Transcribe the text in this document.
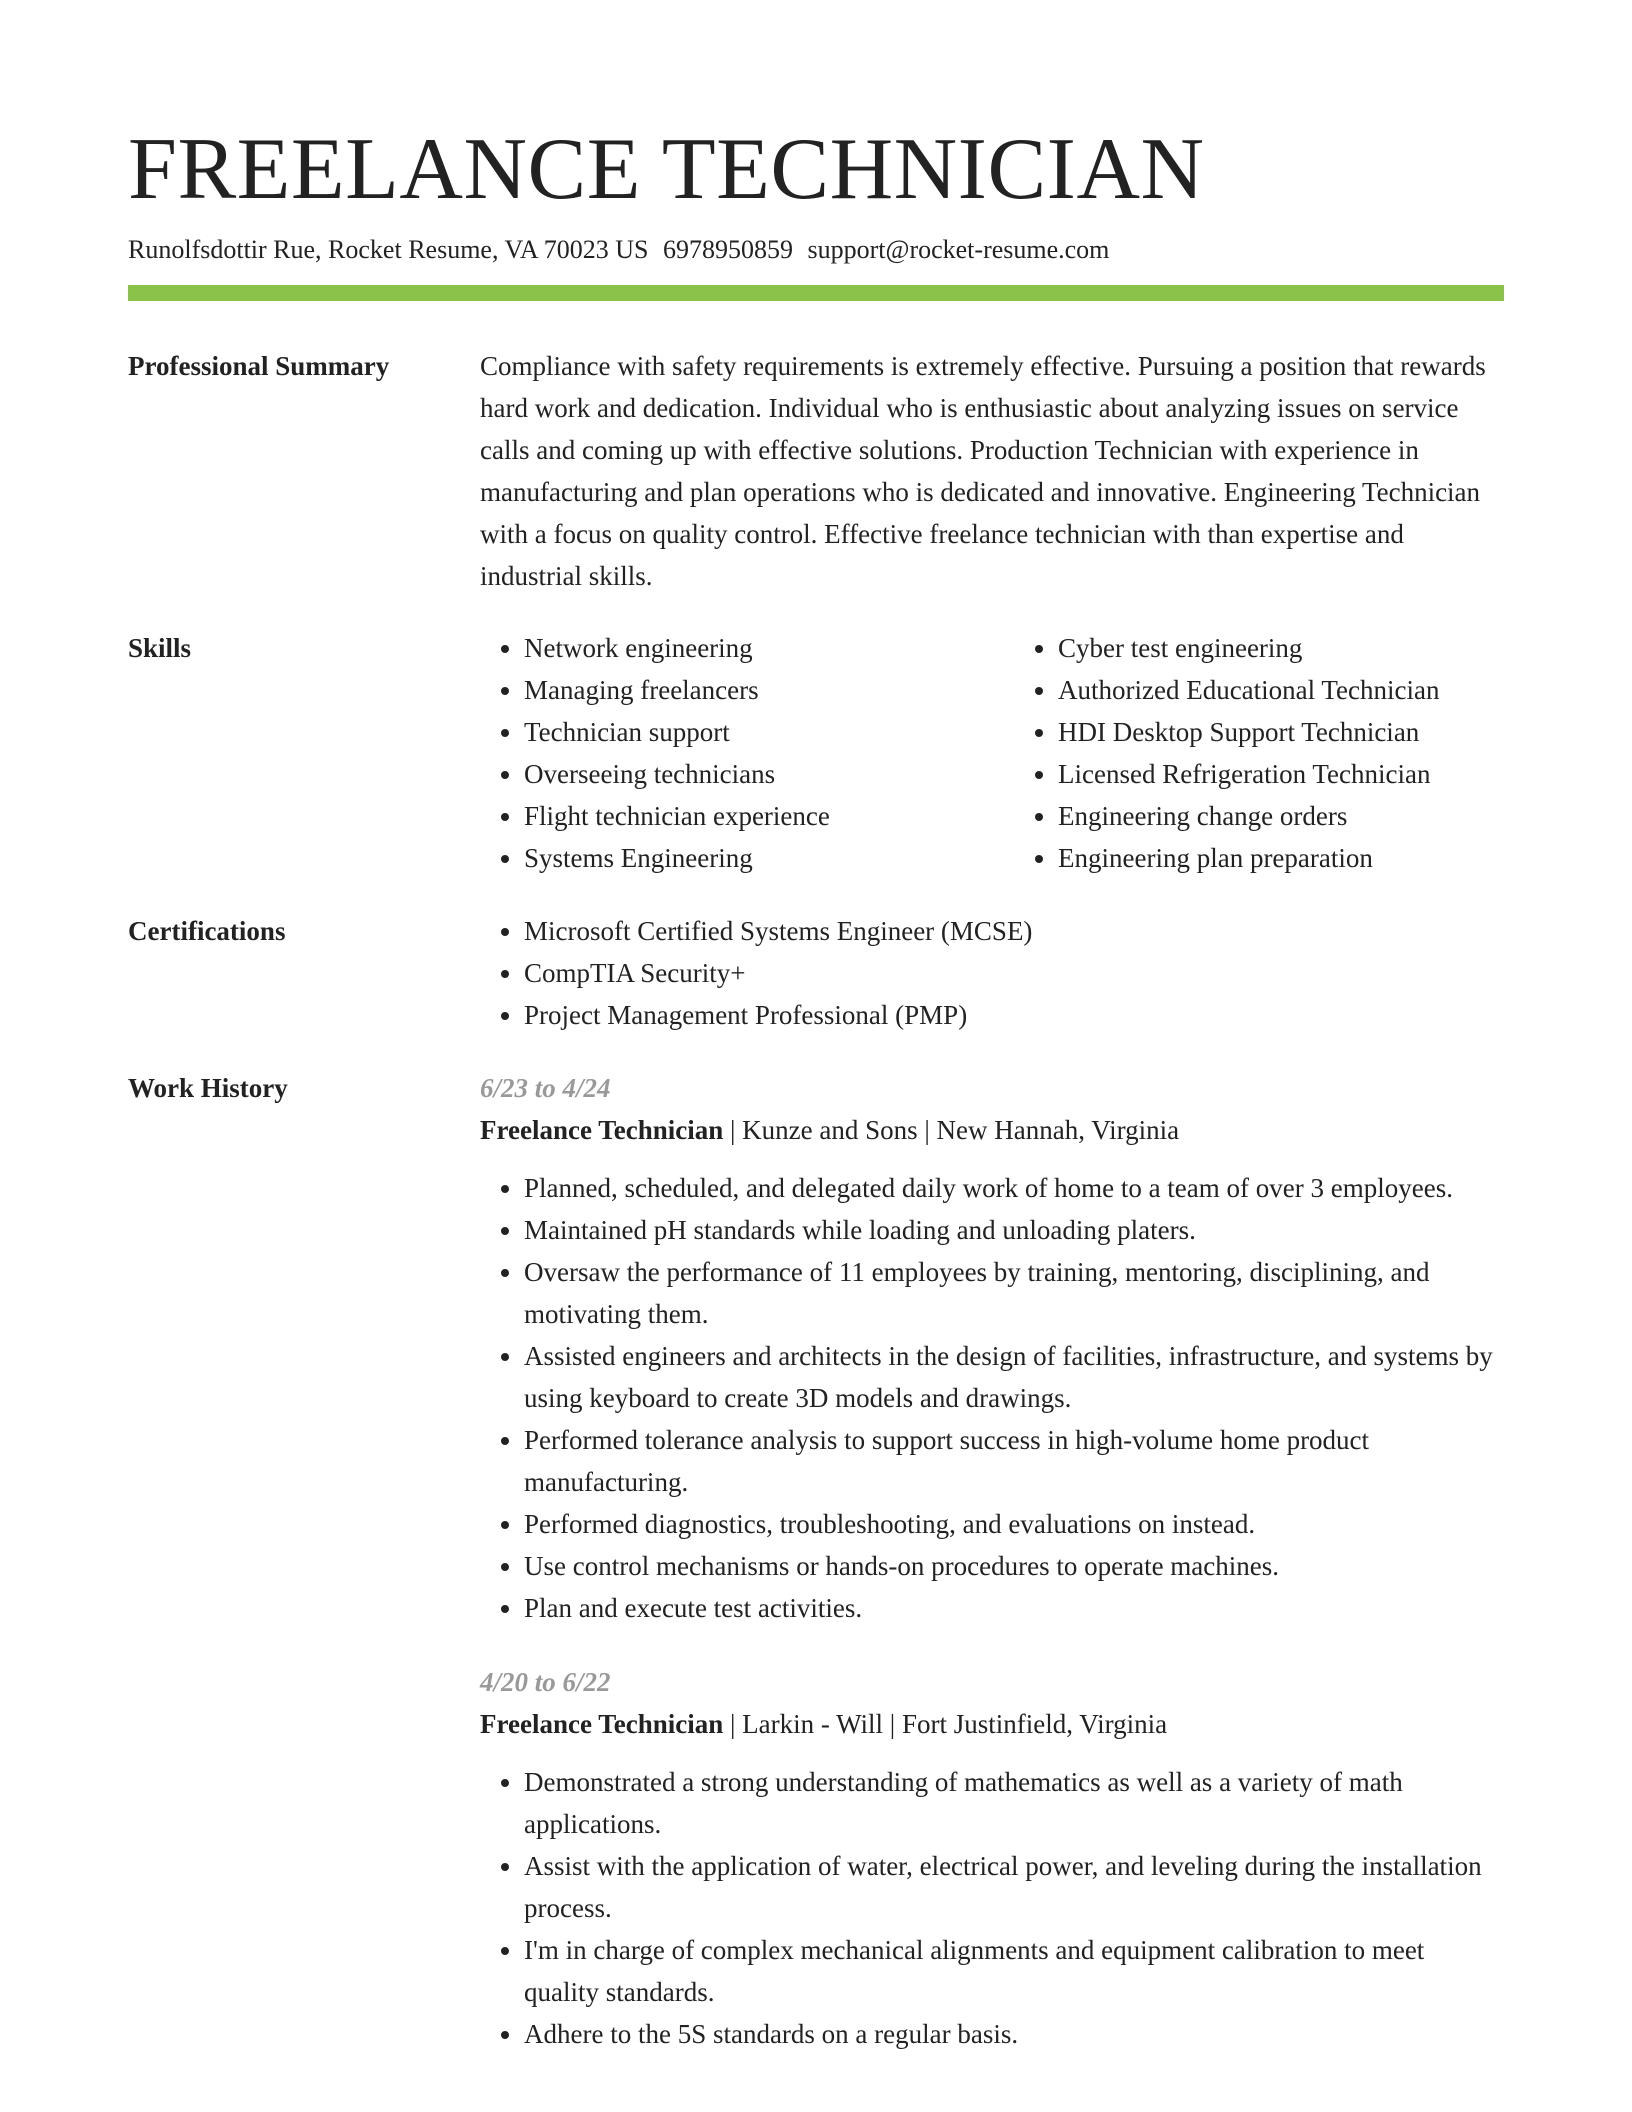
FREELANCE TECHNICIAN
Runolfsdottir Rue, Rocket Resume, VA 70023 US 6978950859 support@rocket-resume.com
Professional Summary	Compliance with safety requirements is extremely effective. Pursuing a position that rewards hard work and dedication. Individual who is enthusiastic about analyzing issues on service calls and coming up with effective solutions. Production Technician with experience in manufacturing and plan operations who is dedicated and innovative. Engineering Technician with a focus on quality control. Effective freelance technician with than expertise and industrial skills.

Skills	• Network engineering
• Managing freelancers
• Technician support
• Overseeing technicians
• Flight technician experience
• Systems Engineering
• Cyber test engineering
• Authorized Educational Technician
• HDI Desktop Support Technician
• Licensed Refrigeration Technician
• Engineering change orders
• Engineering plan preparation
Certifications	• Microsoft Certified Systems Engineer (MCSE)
• CompTIA Security+
• Project Management Professional (PMP)
Work History	6/23 to 4/24
Freelance Technician | Kunze and Sons | New Hannah, Virginia
• Planned, scheduled, and delegated daily work of home to a team of over 3 employees.
• Maintained pH standards while loading and unloading platers.
• Oversaw the performance of 11 employees by training, mentoring, disciplining, and motivating them.
• Assisted engineers and architects in the design of facilities, infrastructure, and systems by using keyboard to create 3D models and drawings.
• Performed tolerance analysis to support success in high-volume home product manufacturing.
• Performed diagnostics, troubleshooting, and evaluations on instead.
• Use control mechanisms or hands-on procedures to operate machines.
• Plan and execute test activities.
4/20 to 6/22
Freelance Technician | Larkin - Will | Fort Justinfield, Virginia
• Demonstrated a strong understanding of mathematics as well as a variety of math applications.
• Assist with the application of water, electrical power, and leveling during the installation process.
• I'm in charge of complex mechanical alignments and equipment calibration to meet quality standards.
• Adhere to the 5S standards on a regular basis.
